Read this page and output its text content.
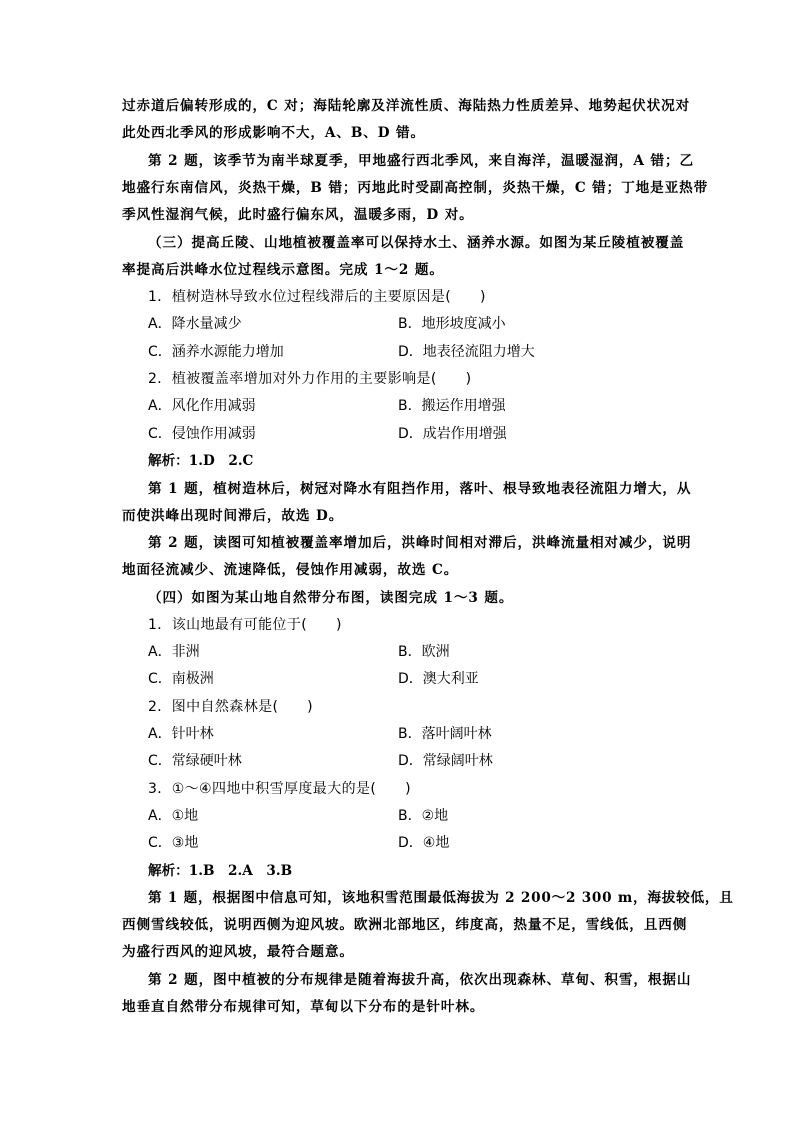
过赤道后偏转形成的，C 对；海陆轮廓及洋流性质、海陆热力性质差异、地势起伏状况对
此处西北季风的形成影响不大，A、B、D 错。
第 2 题，该季节为南半球夏季，甲地盛行西北季风，来自海洋，温暖湿润，A 错；乙
地盛行东南信风，炎热干燥，B 错；丙地此时受副高控制，炎热干燥，C 错；丁地是亚热带
季风性湿润气候，此时盛行偏东风，温暖多雨，D 对。
（三）提高丘陵、山地植被覆盖率可以保持水土、涵养水源。如图为某丘陵植被覆盖
率提高后洪峰水位过程线示意图。完成 1～2 题。
1．植树造林导致水位过程线滞后的主要原因是(　　)
A．降水量减少	B．地形坡度减小
C．涵养水源能力增加	D．地表径流阻力增大
2．植被覆盖率增加对外力作用的主要影响是(　　)
A．风化作用减弱	B．搬运作用增强
C．侵蚀作用减弱	D．成岩作用增强
解析：1.D　2.C
第 1 题，植树造林后，树冠对降水有阻挡作用，落叶、根导致地表径流阻力增大，从
而使洪峰出现时间滞后，故选 D。
第 2 题，读图可知植被覆盖率增加后，洪峰时间相对滞后，洪峰流量相对减少，说明
地面径流减少、流速降低，侵蚀作用减弱，故选 C。
（四）如图为某山地自然带分布图，读图完成 1～3 题。
1．该山地最有可能位于(　　)
A．非洲	B．欧洲
C．南极洲	D．澳大利亚
2．图中自然森林是(　　)
A．针叶林	B．落叶阔叶林
C．常绿硬叶林	D．常绿阔叶林
3．①～④四地中积雪厚度最大的是(　　)
A．①地	B．②地
C．③地	D．④地
解析：1.B　2.A　3.B
第 1 题，根据图中信息可知，该地积雪范围最低海拔为 2 200～2 300 m，海拔较低，且
西侧雪线较低，说明西侧为迎风坡。欧洲北部地区，纬度高，热量不足，雪线低，且西侧
为盛行西风的迎风坡，最符合题意。
第 2 题，图中植被的分布规律是随着海拔升高，依次出现森林、草甸、积雪，根据山
地垂直自然带分布规律可知，草甸以下分布的是针叶林。
